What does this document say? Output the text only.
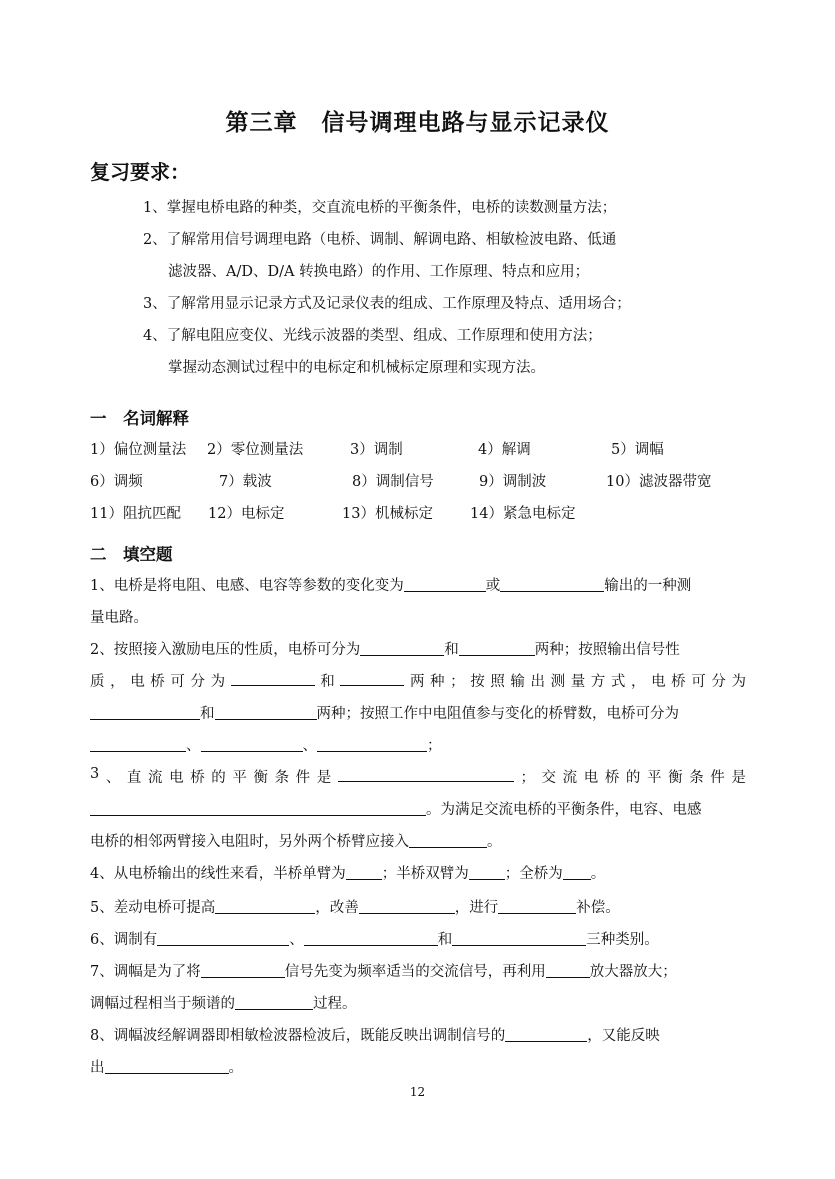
第三章　信号调理电路与显示记录仪
复习要求：
1、掌握电桥电路的种类，交直流电桥的平衡条件，电桥的读数测量方法；
2、了解常用信号调理电路（电桥、调制、解调电路、相敏检波电路、低通
滤波器、A/D、D/A 转换电路）的作用、工作原理、特点和应用；
3、了解常用显示记录方式及记录仪表的组成、工作原理及特点、适用场合；
4、了解电阻应变仪、光线示波器的类型、组成、工作原理和使用方法；
掌握动态测试过程中的电标定和机械标定原理和实现方法。
一　名词解释
1）偏位测量法 2）零位测量法	3）调制	4）解调	5）调幅
6）调频	7）载波	8）调制信号	9）调制波	10）滤波器带宽
11）阻抗匹配 12）电标定	13）机械标定	14）紧急电标定
二　填空题
1、电桥是将电阻、电感、电容等参数的变化变为	或	输出的一种测
量电路。
2、按照接入激励电压的性质，电桥可分为	和	两种；按照输出信号性
质 ， 电 桥 可 分 为	和	两 种 ； 按 照 输 出 测 量 方 式 ， 电 桥 可 分 为
和	两种；按照工作中电阻值参与变化的桥臂数，电桥可分为
、	、	；
3 、 直 流 电 桥 的 平 衡 条 件 是	； 交 流 电 桥 的 平 衡 条 件 是
。为满足交流电桥的平衡条件，电容、电感
电桥的相邻两臂接入电阻时，另外两个桥臂应接入	。
4、从电桥输出的线性来看，半桥单臂为 ；半桥双臂为 ；全桥为 。
5、差动电桥可提高	，改善	，进行	补偿。
6、调制有	、	和	三种类别。
7、调幅是为了将	信号先变为频率适当的交流信号，再利用	放大器放大；
调幅过程相当于频谱的	过程。
8、调幅波经解调器即相敏检波器检波后，既能反映出调制信号的	，又能反映
出	。
12
